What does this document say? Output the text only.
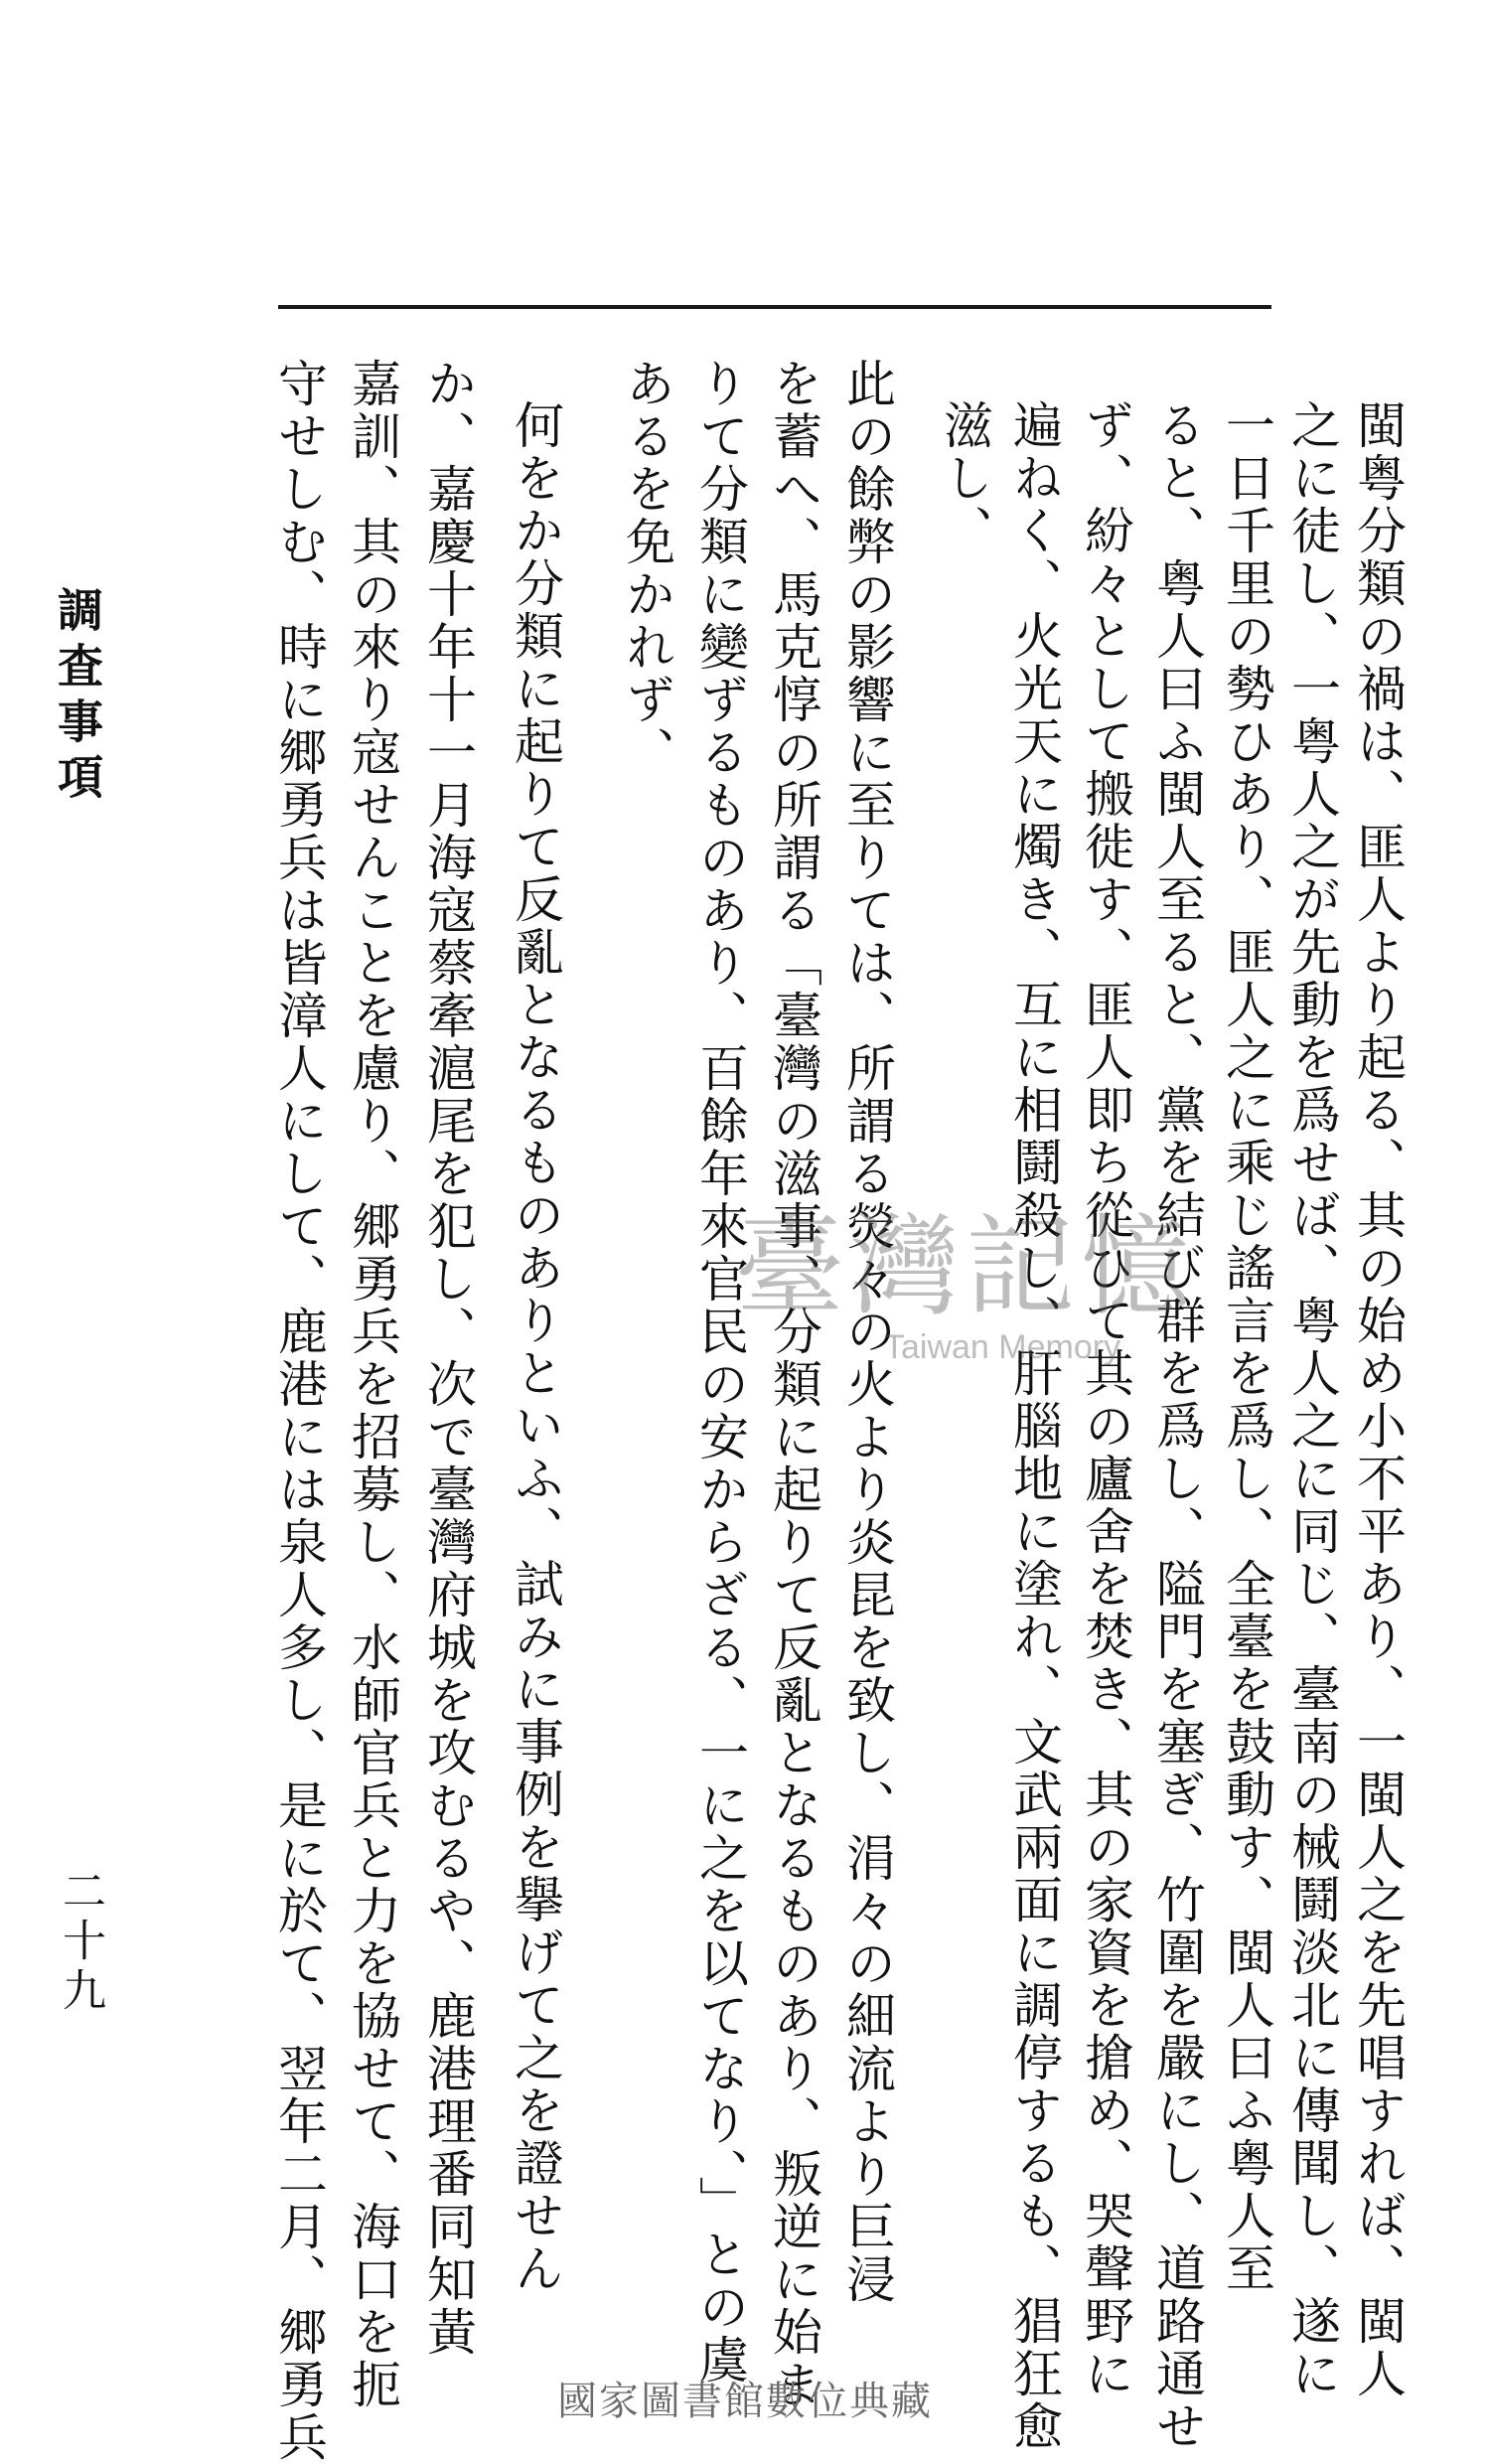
閩粤分類の禍は、匪人より起る、其の始め小不平あり、一閩人之を先唱すれば、閩人
之に徒し、一粤人之が先動を爲せば、粤人之に同じ、臺南の械鬪淡北に傳聞し、遂に
一日千里の勢ひあり、匪人之に乘じ謠言を爲し、全臺を鼓動す、閩人曰ふ粤人至
ると、粤人曰ふ閩人至ると、黨を結び群を爲し、隘門を塞ぎ、竹圍を嚴にし、道路通せ
ず、紛々として搬徙す、匪人即ち從ひて其の廬舍を焚き、其の家資を搶め、哭聲野に
遍ねく、火光天に燭き、互に相鬪殺し、肝腦地に塗れ、文武兩面に調停するも、猖狂愈
滋し、
此の餘弊の影響に至りては、所謂る熒々の火より炎昆を致し、涓々の細流より巨浸
を蓄へ、馬克惇の所謂る「臺灣の滋事、分類に起りて反亂となるものあり、叛逆に始ま
りて分類に變ずるものあり、百餘年來官民の安からざる、一に之を以てなり、」との虞
あるを免かれず、
何をか分類に起りて反亂となるものありといふ、試みに事例を擧げて之を證せん
か、嘉慶十年十一月海寇蔡牽滬尾を犯し、次で臺灣府城を攻むるや、鹿港理番同知黃
嘉訓、其の來り寇せんことを慮り、郷勇兵を招募し、水師官兵と力を協せて、海口を扼
守せしむ、時に郷勇兵は皆漳人にして、鹿港には泉人多し、是に於て、翌年二月、郷勇兵
調査事項
二十九
臺灣記憶
Taiwan Memory
國家圖書館數位典藏
